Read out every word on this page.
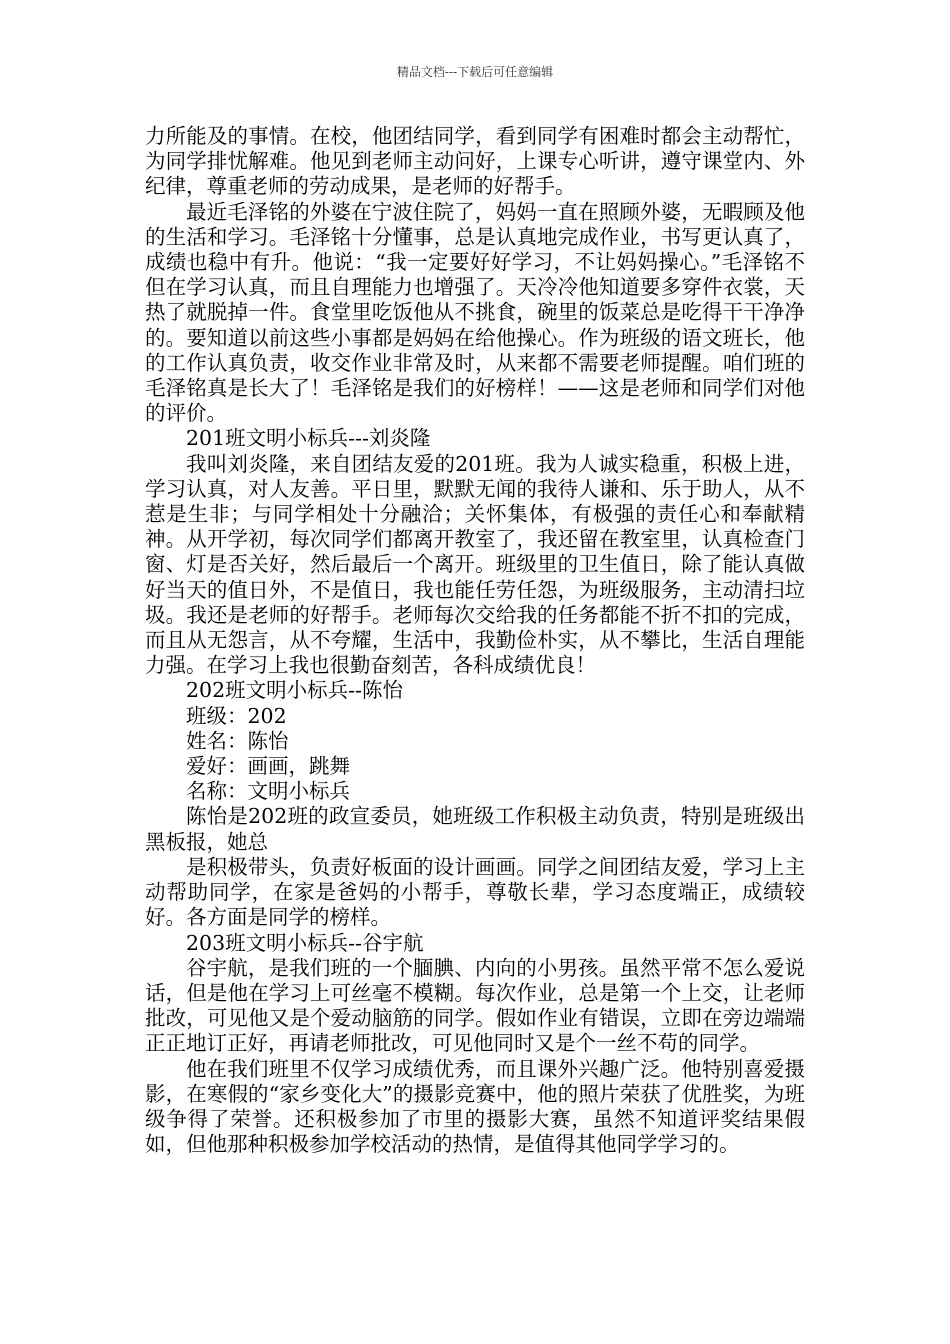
精品文档---下载后可任意编辑

力所能及的事情。在校，他团结同学，看到同学有困难时都会主动帮忙，为同学排忧解难。他见到老师主动问好，上课专心听讲，遵守课堂内、外纪律，尊重老师的劳动成果，是老师的好帮手。

最近毛泽铭的外婆在宁波住院了，妈妈一直在照顾外婆，无暇顾及他的生活和学习。毛泽铭十分懂事，总是认真地完成作业，书写更认真了，成绩也稳中有升。他说：“我一定要好好学习，不让妈妈操心。”毛泽铭不但在学习认真，而且自理能力也增强了。天冷冷他知道要多穿件衣裳，天热了就脱掉一件。食堂里吃饭他从不挑食，碗里的饭菜总是吃得干干净净的。要知道以前这些小事都是妈妈在给他操心。作为班级的语文班长，他的工作认真负责，收交作业非常及时，从来都不需要老师提醒。咱们班的毛泽铭真是长大了！毛泽铭是我们的好榜样！——这是老师和同学们对他的评价。

201班文明小标兵---刘炎隆

我叫刘炎隆，来自团结友爱的201班。我为人诚实稳重，积极上进，学习认真，对人友善。平日里，默默无闻的我待人谦和、乐于助人，从不惹是生非；与同学相处十分融洽；关怀集体，有极强的责任心和奉献精神。从开学初，每次同学们都离开教室了，我还留在教室里，认真检查门窗、灯是否关好，然后最后一个离开。班级里的卫生值日，除了能认真做好当天的值日外，不是值日，我也能任劳任怨，为班级服务，主动清扫垃圾。我还是老师的好帮手。老师每次交给我的任务都能不折不扣的完成，而且从无怨言，从不夸耀，生活中，我勤俭朴实，从不攀比，生活自理能力强。在学习上我也很勤奋刻苦，各科成绩优良！

202班文明小标兵--陈怡

班级：202

姓名：陈怡

爱好：画画，跳舞

名称：文明小标兵

陈怡是202班的政宣委员，她班级工作积极主动负责，特别是班级出黑板报，她总

是积极带头，负责好板面的设计画画。同学之间团结友爱，学习上主动帮助同学，在家是爸妈的小帮手，尊敬长辈，学习态度端正，成绩较好。各方面是同学的榜样。

203班文明小标兵--谷宇航

谷宇航，是我们班的一个腼腆、内向的小男孩。虽然平常不怎么爱说话，但是他在学习上可丝毫不模糊。每次作业，总是第一个上交，让老师批改，可见他又是个爱动脑筋的同学。假如作业有错误，立即在旁边端端正正地订正好，再请老师批改，可见他同时又是个一丝不苟的同学。

他在我们班里不仅学习成绩优秀，而且课外兴趣广泛。他特别喜爱摄影，在寒假的“家乡变化大”的摄影竞赛中，他的照片荣获了优胜奖，为班级争得了荣誉。还积极参加了市里的摄影大赛，虽然不知道评奖结果假如，但他那种积极参加学校活动的热情，是值得其他同学学习的。
